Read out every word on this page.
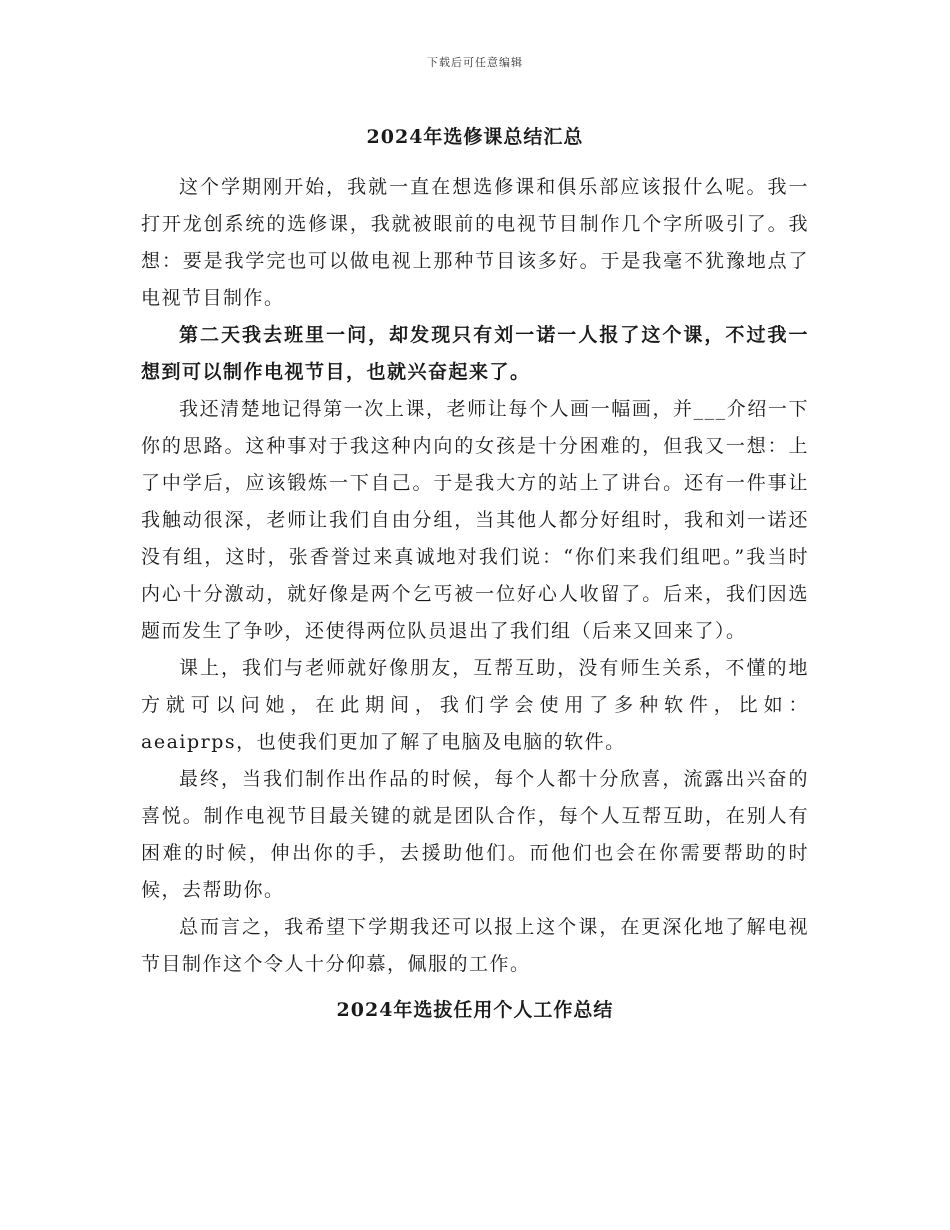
下载后可任意编辑
2024年选修课总结汇总

这个学期刚开始，我就一直在想选修课和俱乐部应该报什么呢。我一打开龙创系统的选修课，我就被眼前的电视节目制作几个字所吸引了。我想：要是我学完也可以做电视上那种节目该多好。于是我毫不犹豫地点了电视节目制作。

第二天我去班里一问，却发现只有刘一诺一人报了这个课，不过我一想到可以制作电视节目，也就兴奋起来了。

我还清楚地记得第一次上课，老师让每个人画一幅画，并___介绍一下你的思路。这种事对于我这种内向的女孩是十分困难的，但我又一想：上了中学后，应该锻炼一下自己。于是我大方的站上了讲台。还有一件事让我触动很深，老师让我们自由分组，当其他人都分好组时，我和刘一诺还没有组，这时，张香誉过来真诚地对我们说：“你们来我们组吧。”我当时内心十分激动，就好像是两个乞丐被一位好心人收留了。后来，我们因选题而发生了争吵，还使得两位队员退出了我们组（后来又回来了）。

课上，我们与老师就好像朋友，互帮互助，没有师生关系，不懂的地方就可以问她，在此期间，我们学会使用了多种软件，比如：aeaiprps，也使我们更加了解了电脑及电脑的软件。

最终，当我们制作出作品的时候，每个人都十分欣喜，流露出兴奋的喜悦。制作电视节目最关键的就是团队合作，每个人互帮互助，在别人有困难的时候，伸出你的手，去援助他们。而他们也会在你需要帮助的时候，去帮助你。

总而言之，我希望下学期我还可以报上这个课，在更深化地了解电视节目制作这个令人十分仰慕，佩服的工作。

2024年选拔任用个人工作总结
